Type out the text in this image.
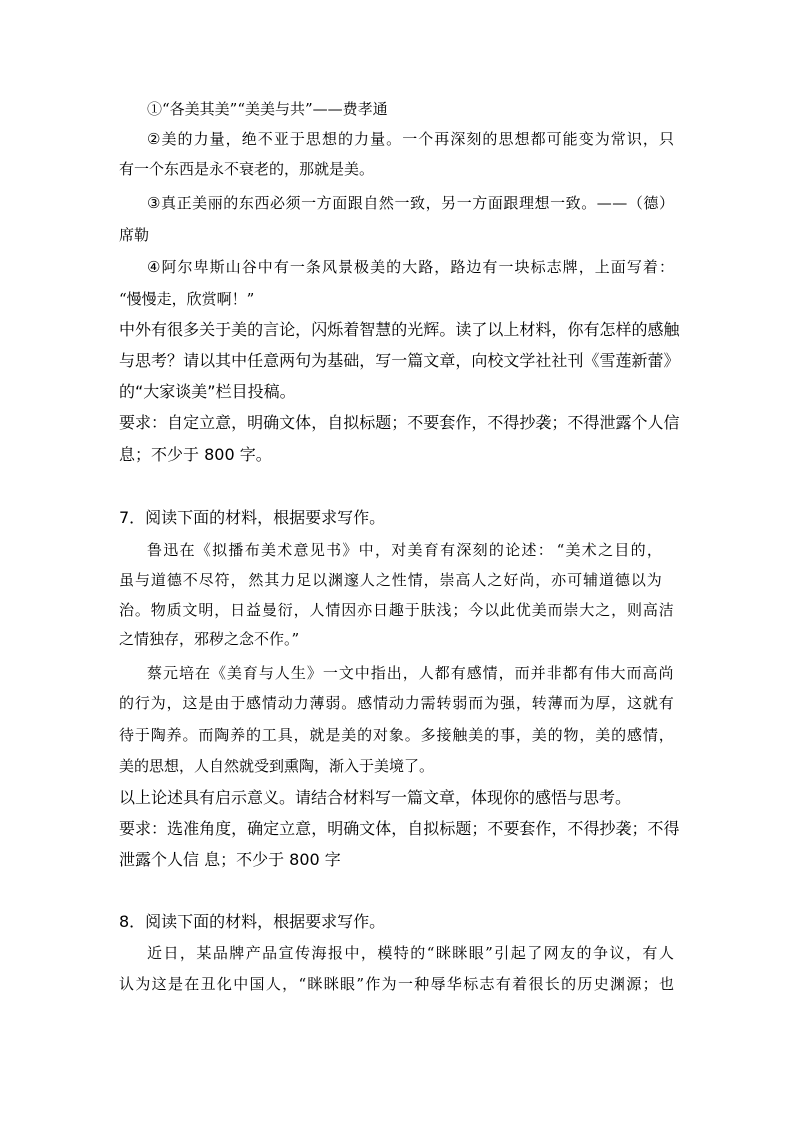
①“各美其美”“美美与共”——费孝通
② 美 的 力 量 ， 绝 不 亚 于 思 想 的 力 量 。 一 个 再 深 刻 的 思 想 都 可 能 变 为 常 识 ， 只
有一个东西是永不衰老的，那就是美。
③ 真 正 美 丽 的 东 西 必 须 一 方 面 跟 自 然 一 致 ， 另 一 方 面 跟 理 想 一 致 。 — — （ 德 ）
席勒
④ 阿 尔 卑 斯 山 谷 中 有 一 条 风 景 极 美 的 大 路 ， 路 边 有 一 块 标 志 牌 ， 上 面 写 着 ：
“慢慢走，欣赏啊！”
中 外 有 很 多 关 于 美 的 言 论 ， 闪 烁 着 智 慧 的 光 辉 。 读 了 以 上 材 料 ， 你 有 怎 样 的 感 触
与 思 考 ？ 请 以 其 中 任 意 两 句 为 基 础 ， 写 一 篇 文 章 ， 向 校 文 学 社 社 刊 《 雪 莲 新 蕾 》
的“大家谈美”栏目投稿。
要 求 ： 自 定 立 意 ， 明 确 文 体 ， 自 拟 标 题 ； 不 要 套 作 ， 不 得 抄 袭 ； 不 得 泄 露 个 人 信
息；不少于 800 字。
7．阅读下面的材料，根据要求写作。
鲁 迅 在 《 拟 播 布 美 术 意 见 书 》 中 ， 对 美 育 有 深 刻 的 论 述 ： “ 美 术 之 目 的 ，
虽 与 道 德 不 尽 符 ， 然 其 力 足 以 渊 邃 人 之 性 情 ， 崇 高 人 之 好 尚 ， 亦 可 辅 道 德 以 为
治 。 物 质 文 明 ， 日 益 曼 衍 ， 人 情 因 亦 日 趣 于 肤 浅 ； 今 以 此 优 美 而 崇 大 之 ， 则 高 洁
之情独存，邪秽之念不作。”
蔡 元 培 在 《 美 育 与 人 生 》 一 文 中 指 出 ， 人 都 有 感 情 ， 而 并 非 都 有 伟 大 而 高 尚
的 行 为 ， 这 是 由 于 感 情 动 力 薄 弱 。 感 情 动 力 需 转 弱 而 为 强 ， 转 薄 而 为 厚 ， 这 就 有
待 于 陶 养 。 而 陶 养 的 工 具 ， 就 是 美 的 对 象 。 多 接 触 美 的 事 ， 美 的 物 ， 美 的 感 情 ，
美的思想，人自然就受到熏陶，渐入于美境了。
以上论述具有启示意义。请结合材料写一篇文章，体现你的感悟与思考。
要 求 ： 选 准 角 度 ， 确 定 立 意 ， 明 确 文 体 ， 自 拟 标 题 ； 不 要 套 作 ， 不 得 抄 袭 ； 不 得
泄露个人信 息；不少于 800 字
8．阅读下面的材料，根据要求写作。
近 日 ， 某 品 牌 产 品 宣 传 海 报 中 ， 模 特 的 “ 眯 眯 眼 ” 引 起 了 网 友 的 争 议 ， 有 人
认 为 这 是 在 丑 化 中 国 人 ， “ 眯 眯 眼 ” 作 为 一 种 辱 华 标 志 有 着 很 长 的 历 史 渊 源 ； 也
